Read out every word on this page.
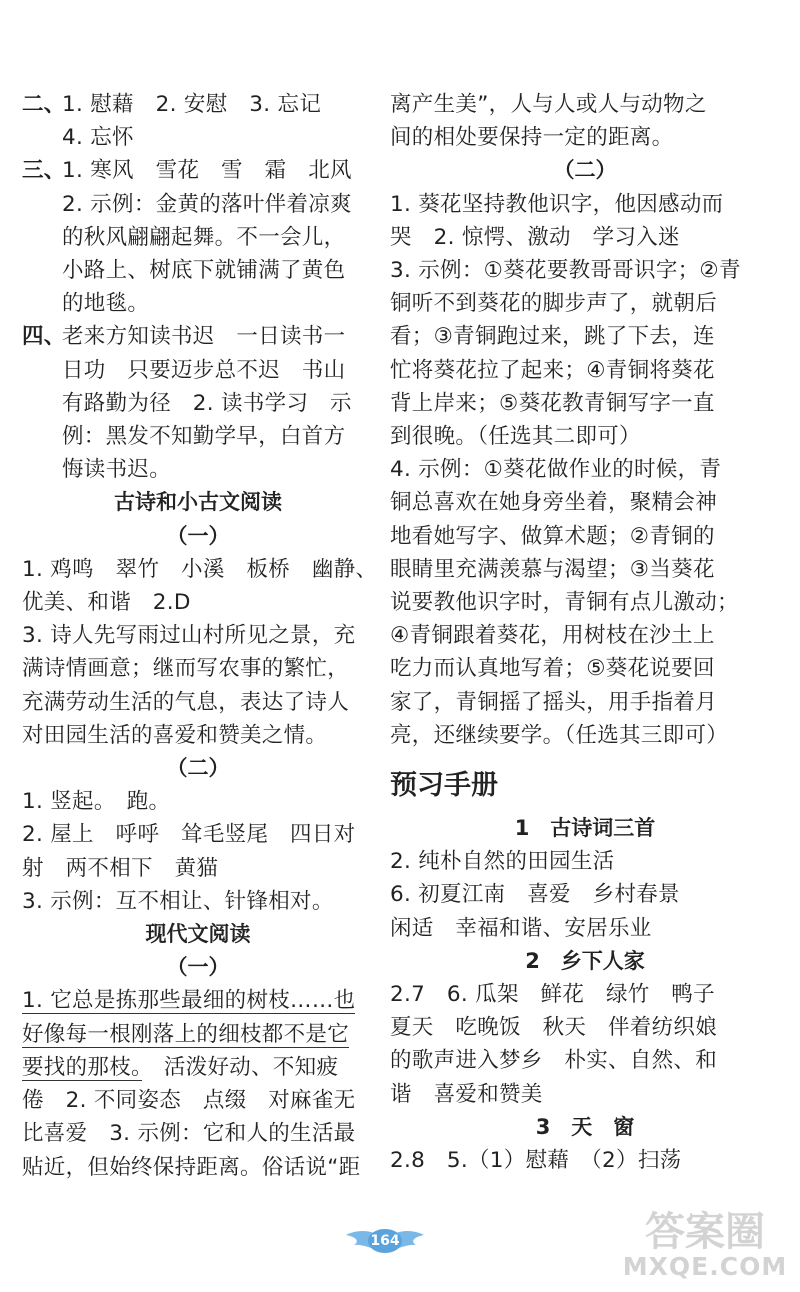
二、1. 慰藉　2. 安慰　3. 忘记
4. 忘怀
三、1. 寒风　雪花　雪　霜　北风
2. 示例：金黄的落叶伴着凉爽
的秋风翩翩起舞。不一会儿，
小路上、树底下就铺满了黄色
的地毯。
四、老来方知读书迟　一日读书一
日功　只要迈步总不迟　书山
有路勤为径　2. 读书学习　示
例：黑发不知勤学早，白首方
悔读书迟。
古诗和小古文阅读
（一）
1. 鸡鸣　翠竹　小溪　板桥　幽静、
优美、和谐　2.D
3. 诗人先写雨过山村所见之景，充
满诗情画意；继而写农事的繁忙，
充满劳动生活的气息，表达了诗人
对田园生活的喜爱和赞美之情。
（二）
1. 竖起。　跑。
2. 屋上　呼呼　耸毛竖尾　四日对
射　两不相下　黄猫
3. 示例：互不相让、针锋相对。
现代文阅读
（一）
1. 它总是拣那些最细的树枝……也
好像每一根刚落上的细枝都不是它
要找的那枝。　活泼好动、不知疲
倦　2. 不同姿态　点缀　对麻雀无
比喜爱　3. 示例：它和人的生活最
贴近，但始终保持距离。俗话说“距
离产生美”，人与人或人与动物之
间的相处要保持一定的距离。
（二）
1. 葵花坚持教他识字，他因感动而
哭　2. 惊愕、激动　学习入迷
3. 示例：①葵花要教哥哥识字；②青
铜听不到葵花的脚步声了，就朝后
看；③青铜跑过来，跳了下去，连
忙将葵花拉了起来；④青铜将葵花
背上岸来；⑤葵花教青铜写字一直
到很晚。（任选其二即可）
4. 示例：①葵花做作业的时候，青
铜总喜欢在她身旁坐着，聚精会神
地看她写字、做算术题；②青铜的
眼睛里充满羡慕与渴望；③当葵花
说要教他识字时，青铜有点儿激动；
④青铜跟着葵花，用树枝在沙土上
吃力而认真地写着；⑤葵花说要回
家了，青铜摇了摇头，用手指着月
亮，还继续要学。（任选其三即可）
预习手册
1　古诗词三首
2. 纯朴自然的田园生活
6. 初夏江南　喜爱　乡村春景
闲适　幸福和谐、安居乐业
2　乡下人家
2.7　6. 瓜架　鲜花　绿竹　鸭子
夏天　吃晚饭　秋天　伴着纺织娘
的歌声进入梦乡　朴实、自然、和
谐　喜爱和赞美
3　天　窗
2.8　5.（1）慰藉　（2）扫荡
164	答案圈
MXQE.COM
